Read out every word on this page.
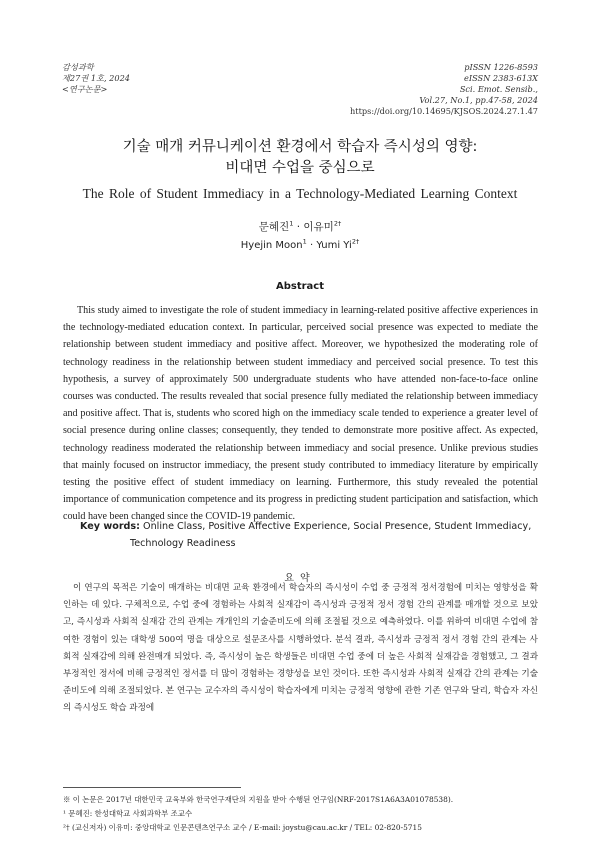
감성과학
제27권 1호, 2024
<연구논문>
pISSN 1226-8593
eISSN 2383-613X
Sci. Emot. Sensib.,
Vol.27, No.1, pp.47-58, 2024
https://doi.org/10.14695/KJSOS.2024.27.1.47
기술 매개 커뮤니케이션 환경에서 학습자 즉시성의 영향:
비대면 수업을 중심으로
The Role of Student Immediacy in a Technology-Mediated Learning Context
문혜진$^1$ · 이유미$^{2\dagger}$
Hyejin Moon$^1$ · Yumi $Yi^{2\dagger}$
Abstract

This study aimed to investigate the role of student immediacy in learning-related positive affective experiences in the technology-mediated education context. In particular, perceived social presence was expected to mediate the relationship between student immediacy and positive affect. Moreover, we hypothesized the moderating role of technology readiness in the relationship between student immediacy and perceived social presence. To test this hypothesis, a survey of approximately 500 undergraduate students who have attended non-face-to-face online courses was conducted. The results revealed that social presence fully mediated the relationship between immediacy and positive affect. That is, students who scored high on the immediacy scale tended to experience a greater level of social presence during online classes; consequently, they tended to demonstrate more positive affect. As expected, technology readiness moderated the relationship between immediacy and social presence. Unlike previous studies that mainly focused on instructor immediacy, the present study contributed to immediacy literature by empirically testing the positive effect of student immediacy on learning. Furthermore, this study revealed the potential importance of communication competence and its progress in predicting student participation and satisfaction, which could have been changed since the COVID-19 pandemic.

Key words: Online Class, Positive Affective Experience, Social Presence, Student Immediacy, Technology Readiness
요약

이 연구의 목적은 기술이 매개하는 비대면 교육 환경에서 학습자의 즉시성이 수업 중 긍정적 정서경험에 미치는 영향성을 확인하는 데 있다. 구체적으로, 수업 중에 경험하는 사회적 실재감이 즉시성과 긍정적 정서 경험 간의 관계를 매개할 것으로 보았고, 즉시성과 사회적 실재감 간의 관계는 개개인의 기술준비도에 의해 조절될 것으로 예측하였다. 이를 위하여 비대면 수업에 참여한 경험이 있는 대학생 500여 명을 대상으로 설문조사를 시행하였다. 분석 결과, 즉시성과 긍정적 정서 경험 간의 관계는 사회적 실재감에 의해 완전매개 되었다. 즉, 즉시성이 높은 학생들은 비대면 수업 중에 더 높은 사회적 실재감을 경험했고, 그 결과 부정적인 정서에 비해 긍정적인 정서를 더 많이 경험하는 경향성을 보인 것이다. 또한 즉시성과 사회적 실재감 간의 관계는 기술준비도에 의해 조절되었다. 본 연구는 교수자의 즉시성이 학습자에게 미치는 긍정적 영향에 관한 기존 연구와 달리, 학습자 자신의 즉시성도 학습 과정에

※ 이 논문은 2017년 대한민국 교육부와 한국연구재단의 지원을 받아 수행된 연구임(NRF-2017S1A6A3A01078538).
¹ 문혜진: 한성대학교 사회과학부 조교수
²† (교신저자) 이유미: 중앙대학교 인문콘텐츠연구소 교수 / E-mail: joystu@cau.ac.kr / TEL: 02-820-5715
